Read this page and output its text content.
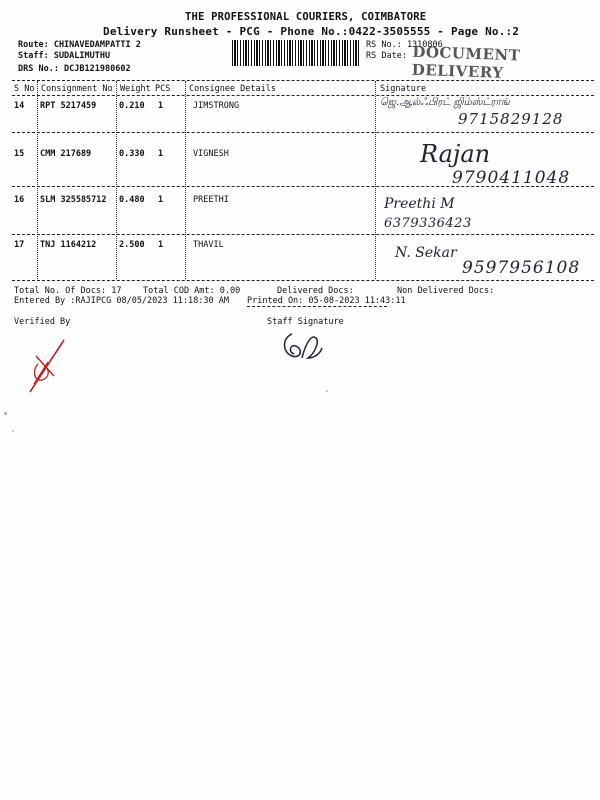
THE PROFESSIONAL COURIERS, COIMBATORE
Delivery Runsheet - PCG - Phone No.:0422-3505555 - Page No.:2
Route: CHINAVEDAMPATTI 2
Staff: SUDALIMUTHU
DRS No.: DCJB121980602
RS No.: 1310806
RS Date: DOCUMENT DELIVERY
S No Consignment No Weight PCS Consignee Details	Signature
14 RPT 5217459	0.210 1	JIMSTRONG	ஜெ.ஆல்ஃபிரட் ஜிம்ஸ்ட்ராங்
9715829128
15 CMM 217689	0.330 1	VIGNESH	Rajan
9790411048
16 SLM 325585712 0.480 1	PREETHI	Preethi M
6379336423
17 TNJ 1164212	2.500 1	THAVIL	N. Sekar
9597956108
Total No. Of Docs: 17	Total COD Amt: 0.00	Delivered Docs:	Non Delivered Docs:
Entered By :RAJIPCG 08/05/2023 11:18:30 AM Printed On: 05-08-2023 11:43:11
Verified By	Staff Signature
